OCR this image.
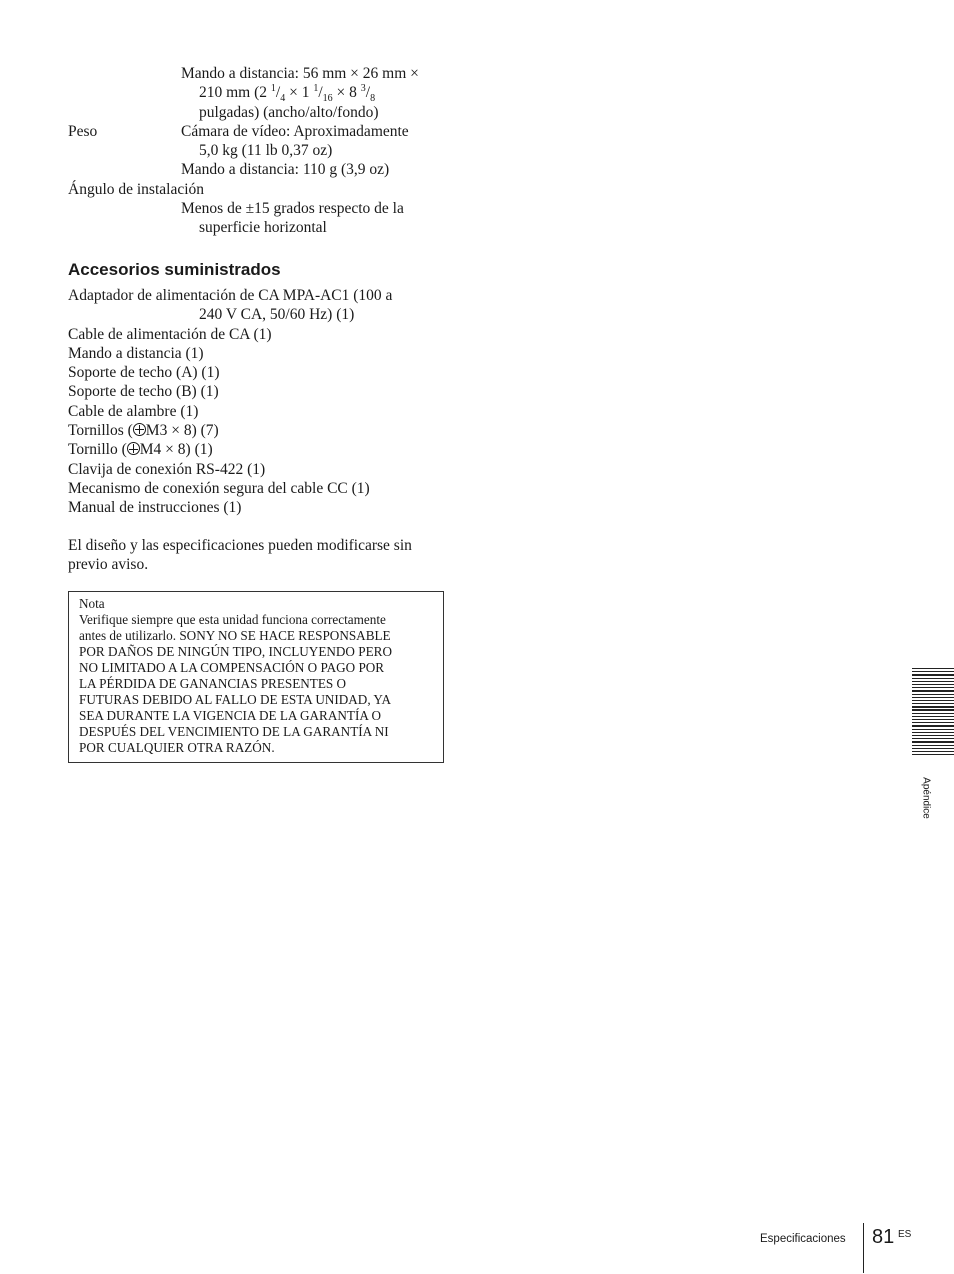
Mando a distancia: 56 mm × 26 mm ×
210 mm (2 $^1/_4 \times 1$ $^1/_{16} \times 8$ $^3/_8$
pulgadas) (ancho/alto/fondo)
Peso	Cámara de vídeo: Aproximadamente
5,0 kg (11 lb 0,37 oz)
Mando a distancia: 110 g (3,9 oz)
Ángulo de instalación
Menos de ±15 grados respecto de la
superficie horizontal
Accesorios suministrados
Adaptador de alimentación de CA MPA-AC1 (100 a
240 V CA, 50/60 Hz) (1)
Cable de alimentación de CA (1)
Mando a distancia (1)
Soporte de techo (A) (1)
Soporte de techo (B) (1)
Cable de alambre (1)
Tornillos ( M3 × 8) (7)
Tornillo ( M4 × 8) (1)
Clavija de conexión RS-422 (1)
Mecanismo de conexión segura del cable CC (1)
Manual de instrucciones (1)
El diseño y las especificaciones pueden modificarse sin
previo aviso.
Nota
Verifique siempre que esta unidad funciona correctamente
antes de utilizarlo. SONY NO SE HACE RESPONSABLE
POR DAÑOS DE NINGÚN TIPO, INCLUYENDO PERO
NO LIMITADO A LA COMPENSACIÓN O PAGO POR
LA PÉRDIDA DE GANANCIAS PRESENTES O
FUTURAS DEBIDO AL FALLO DE ESTA UNIDAD, YA
SEA DURANTE LA VIGENCIA DE LA GARANTÍA O
DESPUÉS DEL VENCIMIENTO DE LA GARANTÍA NI
POR CUALQUIER OTRA RAZÓN.
Apéndice
Especificaciones 81 ES
